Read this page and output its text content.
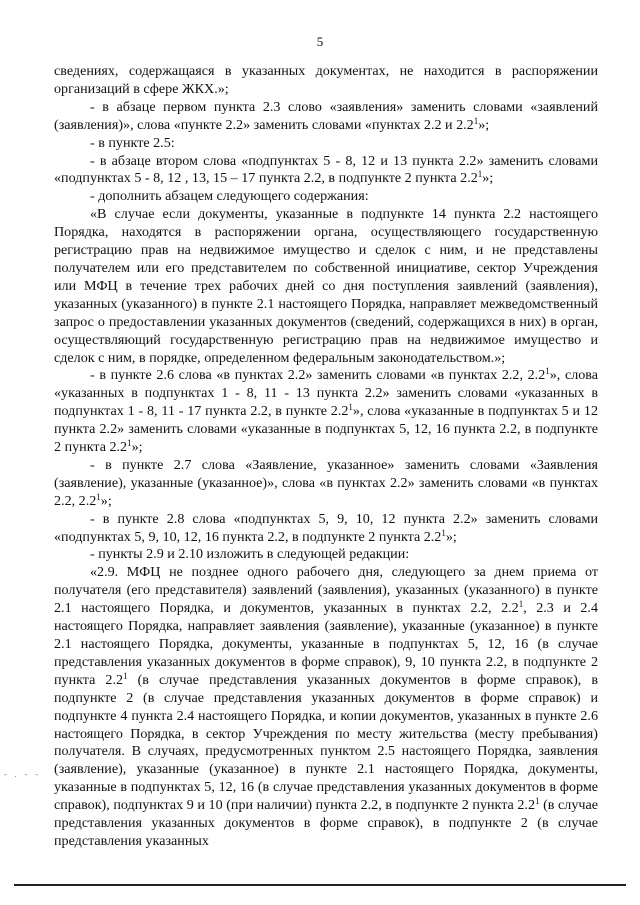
5

сведениях, содержащаяся в указанных документах, не находится в распоряжении организаций в сфере ЖКХ.»;

- в абзаце первом пункта 2.3 слово «заявления» заменить словами «заявлений (заявления)», слова «пункте 2.2» заменить словами «пунктах 2.2 и $2.2^1$»;

- в пункте 2.5:

- в абзаце втором слова «подпунктах 5 - 8, 12 и 13 пункта 2.2» заменить словами «подпунктах 5 - 8, 12 , 13, 15 – 17 пункта 2.2, в подпункте 2 пункта $2.2^1$»;

- дополнить абзацем следующего содержания:

«В случае если документы, указанные в подпункте 14 пункта 2.2 настоящего Порядка, находятся в распоряжении органа, осуществляющего государственную регистрацию прав на недвижимое имущество и сделок с ним, и не представлены получателем или его представителем по собственной инициативе, сектор Учреждения или МФЦ в течение трех рабочих дней со дня поступления заявлений (заявления), указанных (указанного) в пункте 2.1 настоящего Порядка, направляет межведомственный запрос о предоставлении указанных документов (сведений, содержащихся в них) в орган, осуществляющий государственную регистрацию прав на недвижимое имущество и сделок с ним, в порядке, определенном федеральным законодательством.»;

- в пункте 2.6 слова «в пунктах 2.2» заменить словами «в пунктах 2.2, $2.2^1$», слова «указанных в подпунктах 1 - 8, 11 - 13 пункта 2.2» заменить словами «указанных в подпунктах 1 - 8, 11 - 17 пункта 2.2, в пункте $2.2^1$», слова «указанные в подпунктах 5 и 12 пункта 2.2» заменить словами «указанные в подпунктах 5, 12, 16 пункта 2.2, в подпункте 2 пункта $2.2^1$»;

- в пункте 2.7 слова «Заявление, указанное» заменить словами «Заявления (заявление), указанные (указанное)», слова «в пунктах 2.2» заменить словами «в пунктах 2.2, $2.2^1$»;

- в пункте 2.8 слова «подпунктах 5, 9, 10, 12 пункта 2.2» заменить словами «подпунктах 5, 9, 10, 12, 16 пункта 2.2, в подпункте 2 пункта $2.2^1$»;

- пункты 2.9 и 2.10 изложить в следующей редакции:

«2.9. МФЦ не позднее одного рабочего дня, следующего за днем приема от получателя (его представителя) заявлений (заявления), указанных (указанного) в пункте 2.1 настоящего Порядка, и документов, указанных в пунктах 2.2, $2.2^1$, 2.3 и 2.4 настоящего Порядка, направляет заявления (заявление), указанные (указанное) в пункте 2.1 настоящего Порядка, документы, указанные в подпунктах 5, 12, 16 (в случае представления указанных документов в форме справок), 9, 10 пункта 2.2, в подпункте 2 пункта $2.2^1$ (в случае представления указанных документов в форме справок), в подпункте 2 (в случае представления указанных документов в форме справок) и подпункте 4 пункта 2.4 настоящего Порядка, и копии документов, указанных в пункте 2.6 настоящего Порядка, в сектор Учреждения по месту жительства (месту пребывания) получателя. В случаях, предусмотренных пунктом 2.5 настоящего Порядка, заявления (заявление), указанные (указанное) в пункте 2.1 настоящего Порядка, документы, указанные в подпунктах 5, 12, 16 (в случае представления указанных документов в форме справок), подпунктах 9 и 10 (при наличии) пункта 2.2, в подпункте 2 пункта $2.2^1$ (в случае представления указанных документов в форме справок), в подпункте 2 (в случае представления указанных

- . - -
